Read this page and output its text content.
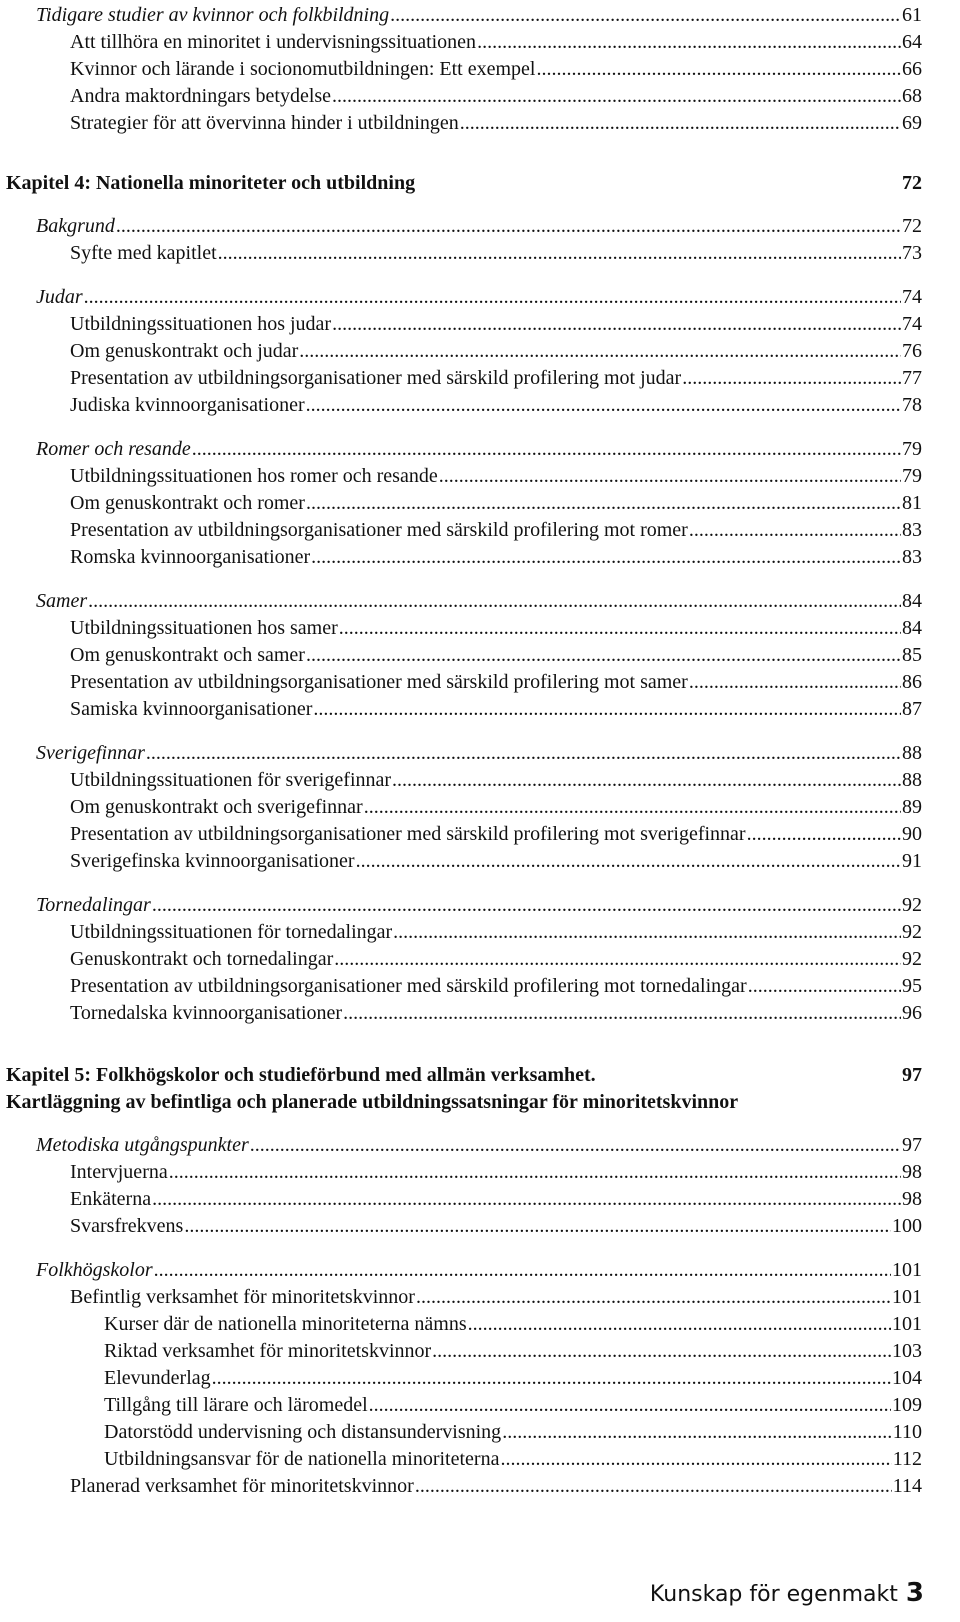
Tidigare studier av kvinnor och folkbildning .....	61
Att tillhöra en minoritet i undervisningssituationen .....	64
Kvinnor och lärande i socionomutbildningen: Ett exempel .....	66
Andra maktordningars betydelse .....	68
Strategier för att övervinna hinder i utbildningen .....	69
Kapitel 4: Nationella minoriteter och utbildning	72
Bakgrund .....	72
Syfte med kapitlet .....	73
Judar .....	74
Utbildningssituationen hos judar .....	74
Om genuskontrakt och judar .....	76
Presentation av utbildningsorganisationer med särskild profilering mot judar .....	77
Judiska kvinnoorganisationer .....	78
Romer och resande .....	79
Utbildningssituationen hos romer och resande .....	79
Om genuskontrakt och romer .....	81
Presentation av utbildningsorganisationer med särskild profilering mot romer .....	83
Romska kvinnoorganisationer .....	83
Samer .....	84
Utbildningssituationen hos samer .....	84
Om genuskontrakt och samer .....	85
Presentation av utbildningsorganisationer med särskild profilering mot samer .....	86
Samiska kvinnoorganisationer .....	87
Sverigefinnar .....	88
Utbildningssituationen för sverigefinnar .....	88
Om genuskontrakt och sverigefinnar .....	89
Presentation av utbildningsorganisationer med särskild profilering mot sverigefinnar .....	90
Sverigefinska kvinnoorganisationer .....	91
Tornedalingar .....	92
Utbildningssituationen för tornedalingar .....	92
Genuskontrakt och tornedalingar .....	92
Presentation av utbildningsorganisationer med särskild profilering mot tornedalingar .....	95
Tornedalska kvinnoorganisationer .....	96
Kapitel 5: Folkhögskolor och studieförbund med allmän verksamhet.	97
Kartläggning av befintliga och planerade utbildningssatsningar för minoritetskvinnor
Metodiska utgångspunkter .....	97
Intervjuerna .....	98
Enkäterna .....	98
Svarsfrekvens .....	100
Folkhögskolor .....	101
Befintlig verksamhet för minoritetskvinnor .....	101
Kurser där de nationella minoriteterna nämns .....	101
Riktad verksamhet för minoritetskvinnor .....	103
Elevunderlag .....	104
Tillgång till lärare och läromedel .....	109
Datorstödd undervisning och distansundervisning .....	110
Utbildningsansvar för de nationella minoriteterna .....	112
Planerad verksamhet för minoritetskvinnor .....	114
Kunskap för egenmakt 3
